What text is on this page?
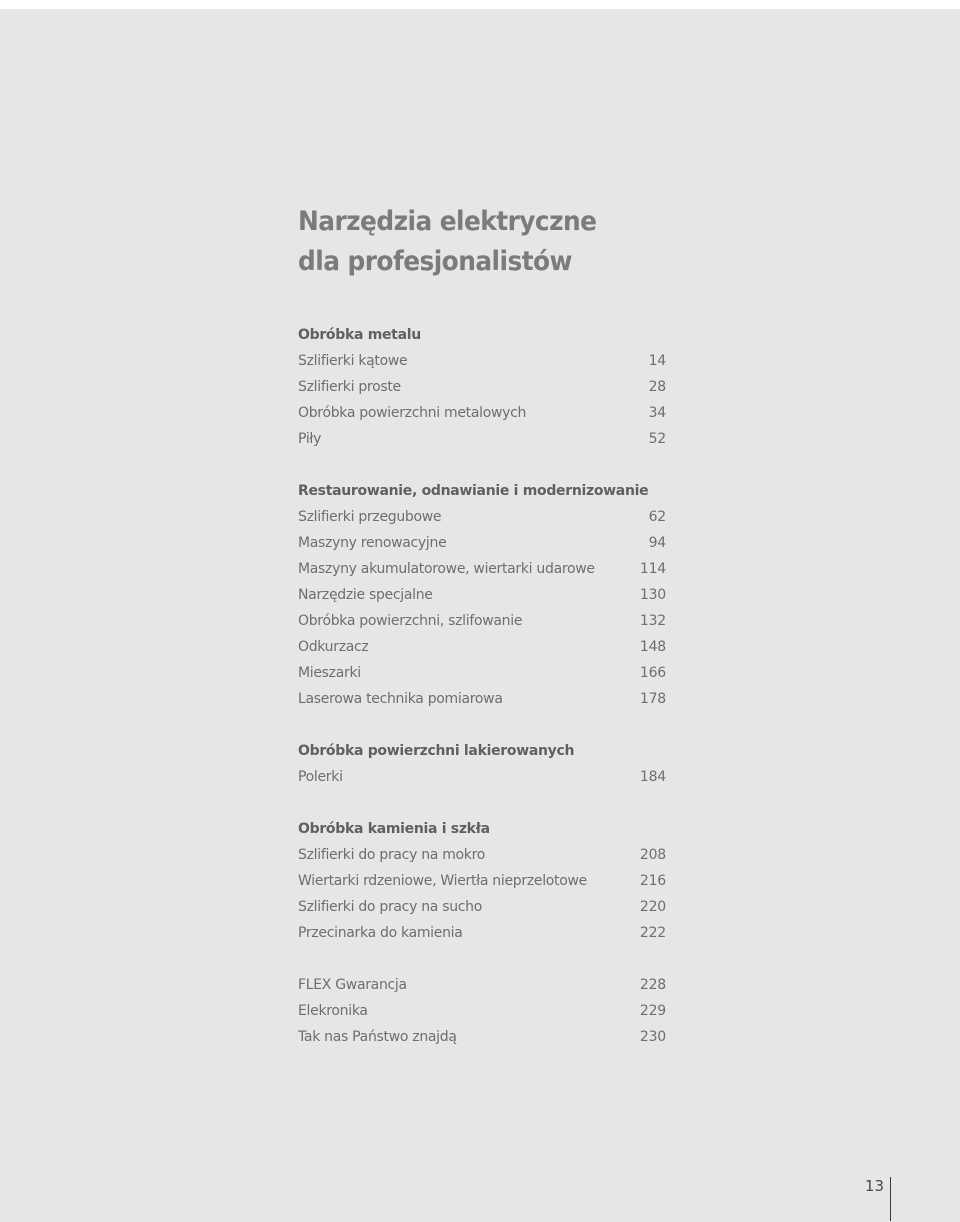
Narzędzia elektryczne
dla profesjonalistów
Obróbka metalu
Szlifierki kątowe	14
Szlifierki proste	28
Obróbka powierzchni metalowych	34
Piły	52
Restaurowanie, odnawianie i modernizowanie
Szlifierki przegubowe	62
Maszyny renowacyjne	94
Maszyny akumulatorowe, wiertarki udarowe	114
Narzędzie specjalne	130
Obróbka powierzchni, szlifowanie	132
Odkurzacz	148
Mieszarki	166
Laserowa technika pomiarowa	178
Obróbka powierzchni lakierowanych
Polerki	184
Obróbka kamienia i szkła
Szlifierki do pracy na mokro	208
Wiertarki rdzeniowe, Wiertła nieprzelotowe	216
Szlifierki do pracy na sucho	220
Przecinarka do kamienia	222
FLEX Gwarancja	228
Elekronika	229
Tak nas Państwo znajdą	230
13
